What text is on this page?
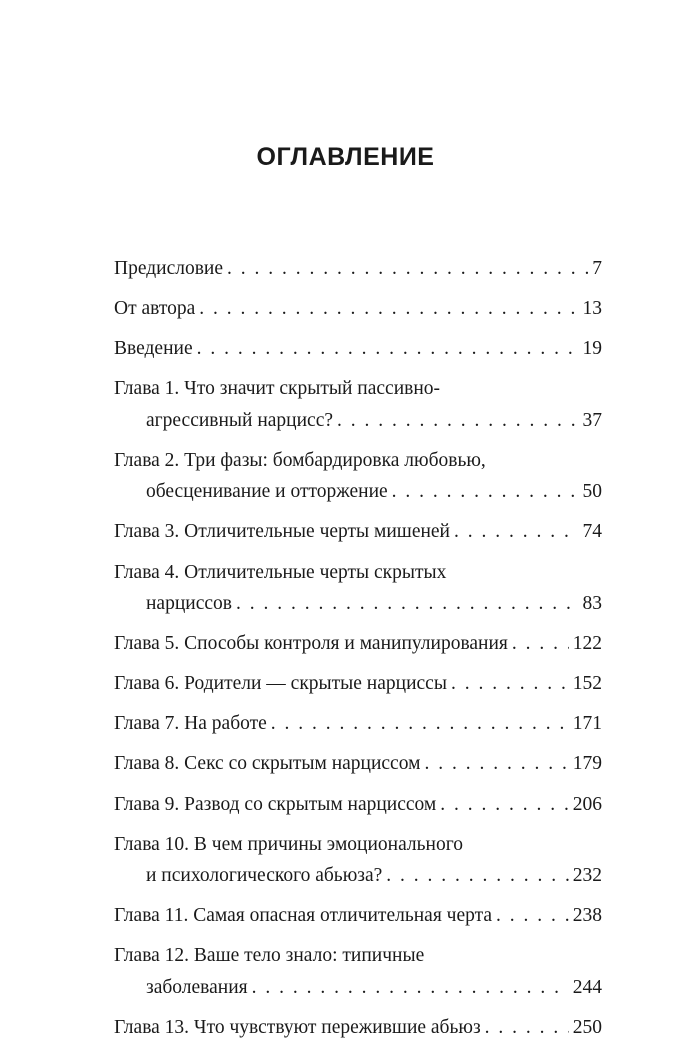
ОГЛАВЛЕНИЕ
Предисловие . . .	7
От автора . . .	13
Введение . . .	19
Глава 1. Что значит скрытый пассивно-
агрессивный нарцисс? . . .	37
Глава 2. Три фазы: бомбардировка любовью,
обесценивание и отторжение . . .	50
Глава 3. Отличительные черты мишеней . . .	74
Глава 4. Отличительные черты скрытых
нарциссов . . .	83
Глава 5. Способы контроля и манипулирования . . .	122
Глава 6. Родители — скрытые нарциссы . . .	152
Глава 7. На работе . . .	171
Глава 8. Секс со скрытым нарциссом . . .	179
Глава 9. Развод со скрытым нарциссом . . .	206
Глава 10. В чем причины эмоционального
и психологического абьюза? . . .	232
Глава 11. Самая опасная отличительная черта . . .	238
Глава 12. Ваше тело знало: типичные
заболевания . . .	244
Глава 13. Что чувствуют пережившие абьюз . . .	250
